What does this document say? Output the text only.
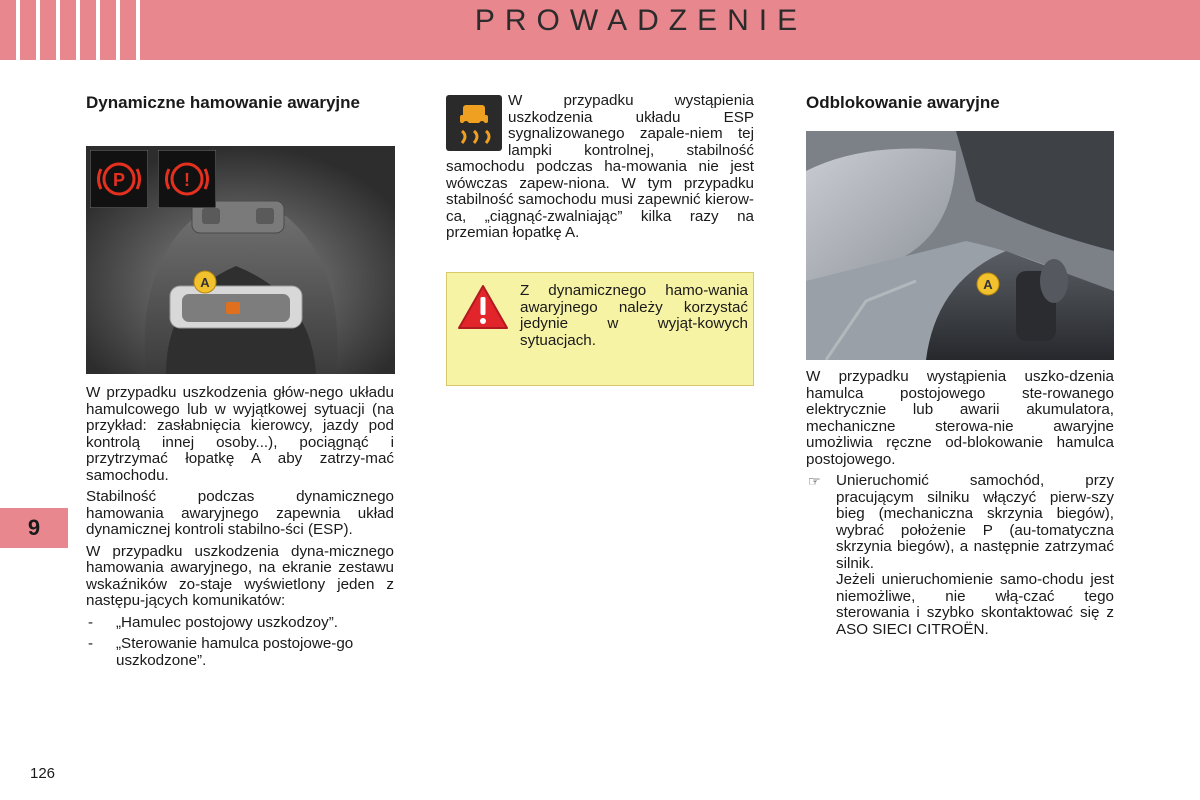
PROWADZENIE
9
Dynamiczne hamowanie awaryjne
A
P	!

W przypadku uszkodzenia głów-nego układu hamulcowego lub w wyjątkowej sytuacji (na przykład: zasłabnięcia kierowcy, jazdy pod kontrolą innej osoby...), pociągnąć i przytrzymać łopatkę A aby zatrzy-mać samochodu.

Stabilność podczas dynamicznego hamowania awaryjnego zapewnia układ dynamicznej kontroli stabilno-ści (ESP).

W przypadku uszkodzenia dyna-micznego hamowania awaryjnego, na ekranie zestawu wskaźników zo-staje wyświetlony jeden z następu-jących komunikatów:

- „Hamulec postojowy uszkodzoy”.
- „Sterowanie hamulca postojowe-go uszkodzone”.
W przypadku wystąpienia uszkodzenia układu ESP sygnalizowanego zapale-niem tej lampki kontrolnej, stabilność samochodu podczas ha-mowania nie jest wówczas zapew-niona. W tym przypadku stabilność samochodu musi zapewnić kierow-ca, „ciągnąć-zwalniając” kilka razy na przemian łopatkę A.
Z dynamicznego hamo-wania awaryjnego należy korzystać jedynie w wyjąt-kowych sytuacjach.
Odblokowanie awaryjne
A

W przypadku wystąpienia uszko-dzenia hamulca postojowego ste-rowanego elektrycznie lub awarii akumulatora, mechaniczne sterowa-nie awaryjne umożliwia ręczne od-blokowanie hamulca postojowego.

☞ Unieruchomić samochód, przy pracującym silniku włączyć pierw-szy bieg (mechaniczna skrzynia biegów), wybrać położenie P (au-tomatyczna skrzynia biegów), a następnie zatrzymać silnik.
Jeżeli unieruchomienie samo-chodu jest niemożliwe, nie włą-czać tego sterowania i szybko skontaktować się z ASO SIECI CITROËN.
126
